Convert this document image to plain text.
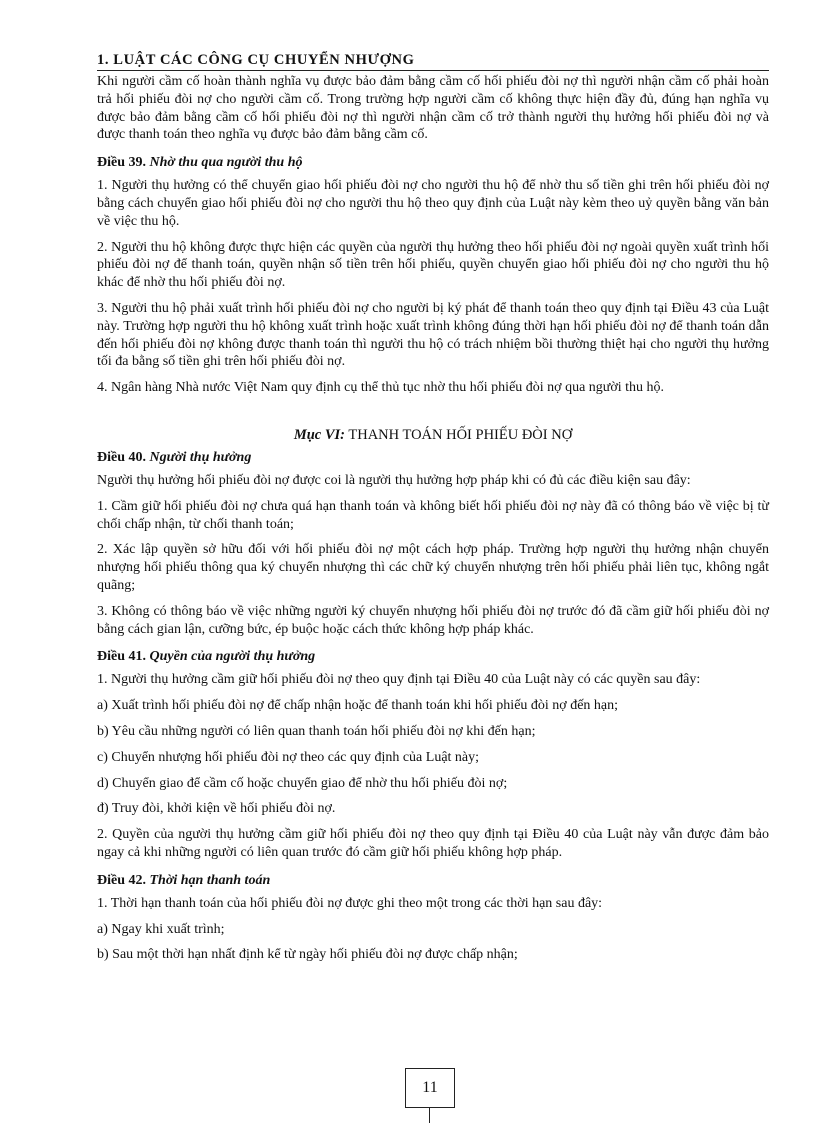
1. LUẬT CÁC CÔNG CỤ CHUYỂN NHƯỢNG

Khi người cầm cố hoàn thành nghĩa vụ được bảo đảm bằng cầm cố hối phiếu đòi nợ thì người nhận cầm cố phải hoàn trả hối phiếu đòi nợ cho người cầm cố. Trong trường hợp người cầm cố không thực hiện đầy đủ, đúng hạn nghĩa vụ được bảo đảm bằng cầm cố hối phiếu đòi nợ thì người nhận cầm cố trở thành người thụ hưởng hối phiếu đòi nợ và được thanh toán theo nghĩa vụ được bảo đảm bằng cầm cố.

Điều 39. Nhờ thu qua người thu hộ

1. Người thụ hưởng có thể chuyển giao hối phiếu đòi nợ cho người thu hộ để nhờ thu số tiền ghi trên hối phiếu đòi nợ bằng cách chuyển giao hối phiếu đòi nợ cho người thu hộ theo quy định của Luật này kèm theo uỷ quyền bằng văn bản về việc thu hộ.

2. Người thu hộ không được thực hiện các quyền của người thụ hưởng theo hối phiếu đòi nợ ngoài quyền xuất trình hối phiếu đòi nợ để thanh toán, quyền nhận số tiền trên hối phiếu, quyền chuyển giao hối phiếu đòi nợ cho người thu hộ khác để nhờ thu hối phiếu đòi nợ.

3. Người thu hộ phải xuất trình hối phiếu đòi nợ cho người bị ký phát để thanh toán theo quy định tại Điều 43 của Luật này. Trường hợp người thu hộ không xuất trình hoặc xuất trình không đúng thời hạn hối phiếu đòi nợ để thanh toán dẫn đến hối phiếu đòi nợ không được thanh toán thì người thu hộ có trách nhiệm bồi thường thiệt hại cho người thụ hưởng tối đa bằng số tiền ghi trên hối phiếu đòi nợ.

4. Ngân hàng Nhà nước Việt Nam quy định cụ thể thủ tục nhờ thu hối phiếu đòi nợ qua người thu hộ.

Mục VI: THANH TOÁN HỐI PHIẾU ĐÒI NỢ
Điều 40. Người thụ hưởng

Người thụ hưởng hối phiếu đòi nợ được coi là người thụ hưởng hợp pháp khi có đủ các điều kiện sau đây:

1. Cầm giữ hối phiếu đòi nợ chưa quá hạn thanh toán và không biết hối phiếu đòi nợ này đã có thông báo về việc bị từ chối chấp nhận, từ chối thanh toán;

2. Xác lập quyền sở hữu đối với hối phiếu đòi nợ một cách hợp pháp. Trường hợp người thụ hưởng nhận chuyển nhượng hối phiếu thông qua ký chuyển nhượng thì các chữ ký chuyển nhượng trên hối phiếu phải liên tục, không ngắt quãng;

3. Không có thông báo về việc những người ký chuyển nhượng hối phiếu đòi nợ trước đó đã cầm giữ hối phiếu đòi nợ bằng cách gian lận, cưỡng bức, ép buộc hoặc cách thức không hợp pháp khác.

Điều 41. Quyền của người thụ hưởng

1. Người thụ hưởng cầm giữ hối phiếu đòi nợ theo quy định tại Điều 40 của Luật này có các quyền sau đây:

a) Xuất trình hối phiếu đòi nợ để chấp nhận hoặc để thanh toán khi hối phiếu đòi nợ đến hạn;

b) Yêu cầu những người có liên quan thanh toán hối phiếu đòi nợ khi đến hạn;

c) Chuyển nhượng hối phiếu đòi nợ theo các quy định của Luật này;

d) Chuyển giao để cầm cố hoặc chuyển giao để nhờ thu hối phiếu đòi nợ;

đ) Truy đòi, khởi kiện về hối phiếu đòi nợ.

2. Quyền của người thụ hưởng cầm giữ hối phiếu đòi nợ theo quy định tại Điều 40 của Luật này vẫn được đảm bảo ngay cả khi những người có liên quan trước đó cầm giữ hối phiếu không hợp pháp.

Điều 42. Thời hạn thanh toán

1. Thời hạn thanh toán của hối phiếu đòi nợ được ghi theo một trong các thời hạn sau đây:

a) Ngay khi xuất trình;

b) Sau một thời hạn nhất định kể từ ngày hối phiếu đòi nợ được chấp nhận;

11
